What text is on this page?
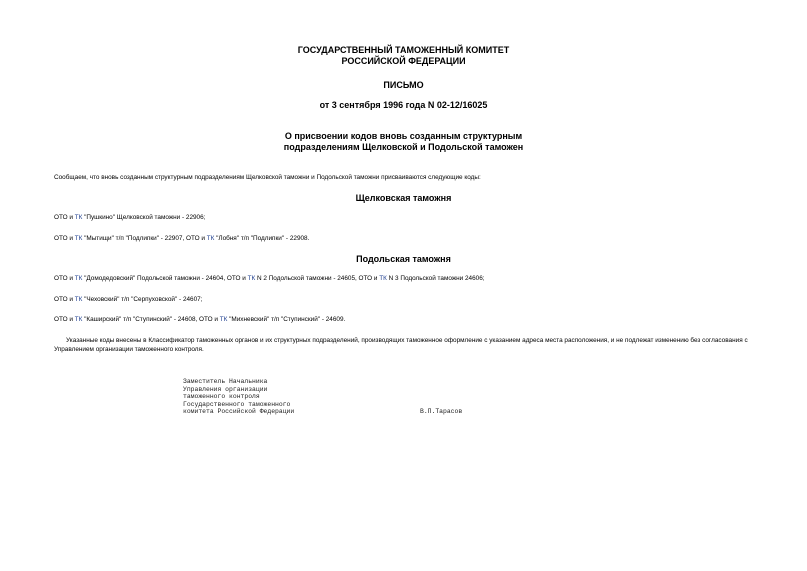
ГОСУДАРСТВЕННЫЙ ТАМОЖЕННЫЙ КОМИТЕТ
РОССИЙСКОЙ ФЕДЕРАЦИИ
ПИСЬМО
от 3 сентября 1996 года N 02-12/16025
О присвоении кодов вновь созданным структурным
подразделениям Щелковской и Подольской таможен
Сообщаем, что вновь созданным структурным подразделениям Щелковской таможни и Подольской таможни присваиваются следующие коды:
Щелковская таможня
ОТО и ТК "Пушкино" Щелковской таможни - 22906;
ОТО и ТК "Мытищи" т/п "Подлипки" - 22907, ОТО и ТК "Лобня" т/п "Подлипки" - 22908.
Подольская таможня
ОТО и ТК "Домодедовский" Подольской таможни - 24604, ОТО и ТК N 2 Подольской таможни - 24605, ОТО и ТК N 3 Подольской таможни 24606;
ОТО и ТК "Чеховский" т/п "Серпуховской" - 24607;
ОТО и ТК "Каширский" т/п "Ступинский" - 24608, ОТО и ТК "Михневский" т/п "Ступинский" - 24609.
Указанные коды внесены в Классификатор таможенных органов и их структурных подразделений, производящих таможенное оформление с указанием адреса места расположения, и не подлежат изменению без согласования с Управлением организации таможенного контроля.
Заместитель Начальника
Управления организации
таможенного контроля
Государственного таможенного
комитета Российской Федерации	В.П.Тарасов
